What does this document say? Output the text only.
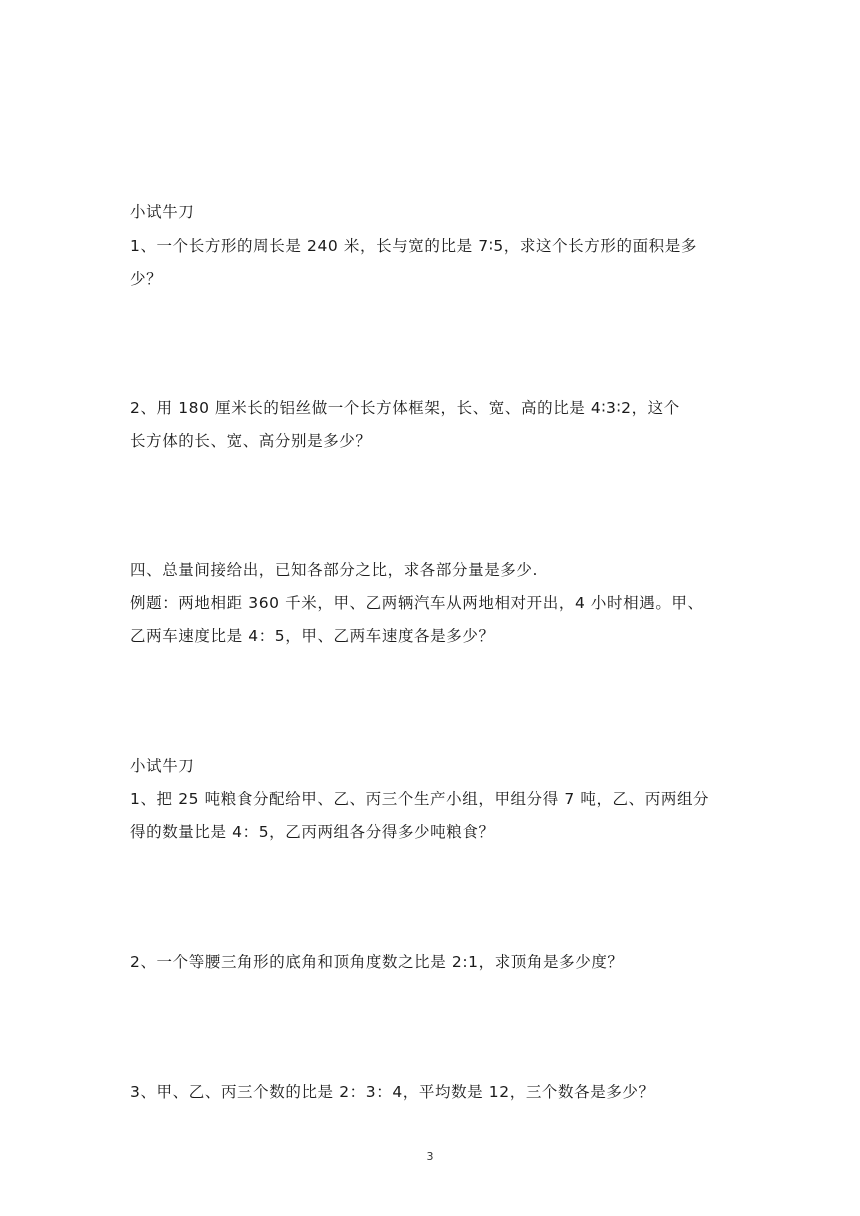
小试牛刀
1、一个长方形的周长是 240 米，长与宽的比是 7∶5，求这个长方形的面积是多
少？
2、用 180 厘米长的铝丝做一个长方体框架，长、宽、高的比是 4∶3∶2，这个
长方体的长、宽、高分别是多少？
四、总量间接给出，已知各部分之比，求各部分量是多少.
例题：两地相距 360 千米，甲、乙两辆汽车从两地相对开出，4 小时相遇。甲、
乙两车速度比是 4：5，甲、乙两车速度各是多少？
小试牛刀
1、把 25 吨粮食分配给甲、乙、丙三个生产小组，甲组分得 7 吨，乙、丙两组分
得的数量比是 4：5，乙丙两组各分得多少吨粮食？
2、一个等腰三角形的底角和顶角度数之比是 2:1，求顶角是多少度？
3、甲、乙、丙三个数的比是 2：3：4，平均数是 12，三个数各是多少？
3
